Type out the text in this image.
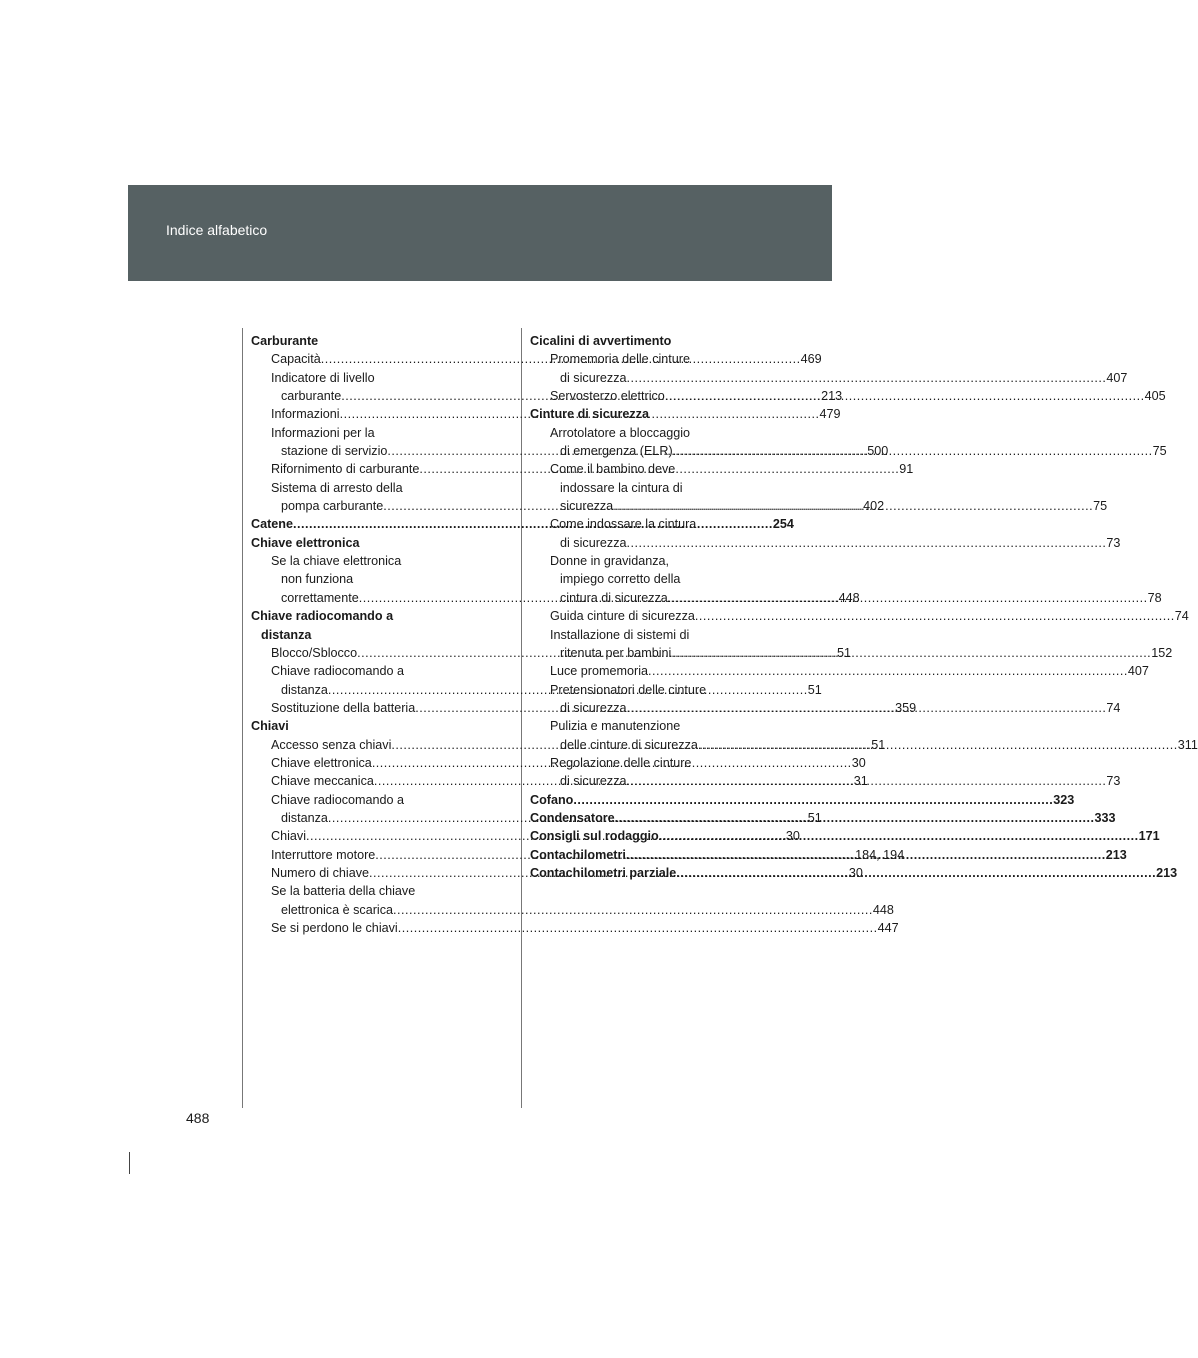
Indice alfabetico
Carburante
Capacità .....	469
Indicatore di livello
carburante .....	213
Informazioni .....	479
Informazioni per la
stazione di servizio .....	500
Rifornimento di carburante .....	91
Sistema di arresto della
pompa carburante .....	402
Catene .....	254
Chiave elettronica
Se la chiave elettronica
non funziona
correttamente .....	448
Chiave radiocomando a
distanza
Blocco/Sblocco .....	51
Chiave radiocomando a
distanza .....	51
Sostituzione della batteria .....	359
Chiavi
Accesso senza chiavi .....	51
Chiave elettronica .....	30
Chiave meccanica .....	31
Chiave radiocomando a
distanza .....	51
Chiavi .....	30
Interruttore motore .....	184, 194
Numero di chiave .....	30
Se la batteria della chiave
elettronica è scarica .....	448
Se si perdono le chiavi .....	447
Cicalini di avvertimento
Promemoria delle cinture
di sicurezza .....	407
Servosterzo elettrico .....	405
Cinture di sicurezza
Arrotolatore a bloccaggio
di emergenza (ELR) .....	75
Come il bambino deve
indossare la cintura di
sicurezza .....	75
Come indossare la cintura
di sicurezza .....	73
Donne in gravidanza,
impiego corretto della
cintura di sicurezza .....	78
Guida cinture di sicurezza .....	74
Installazione di sistemi di
ritenuta per bambini .....	152
Luce promemoria .....	407
Pretensionatori delle cinture
di sicurezza .....	74
Pulizia e manutenzione
delle cinture di sicurezza .....	311
Regolazione delle cinture
di sicurezza .....	73
Cofano .....	323
Condensatore .....	333
Consigli sul rodaggio .....	171
Contachilometri .....	213
Contachilometri parziale .....	213
488
